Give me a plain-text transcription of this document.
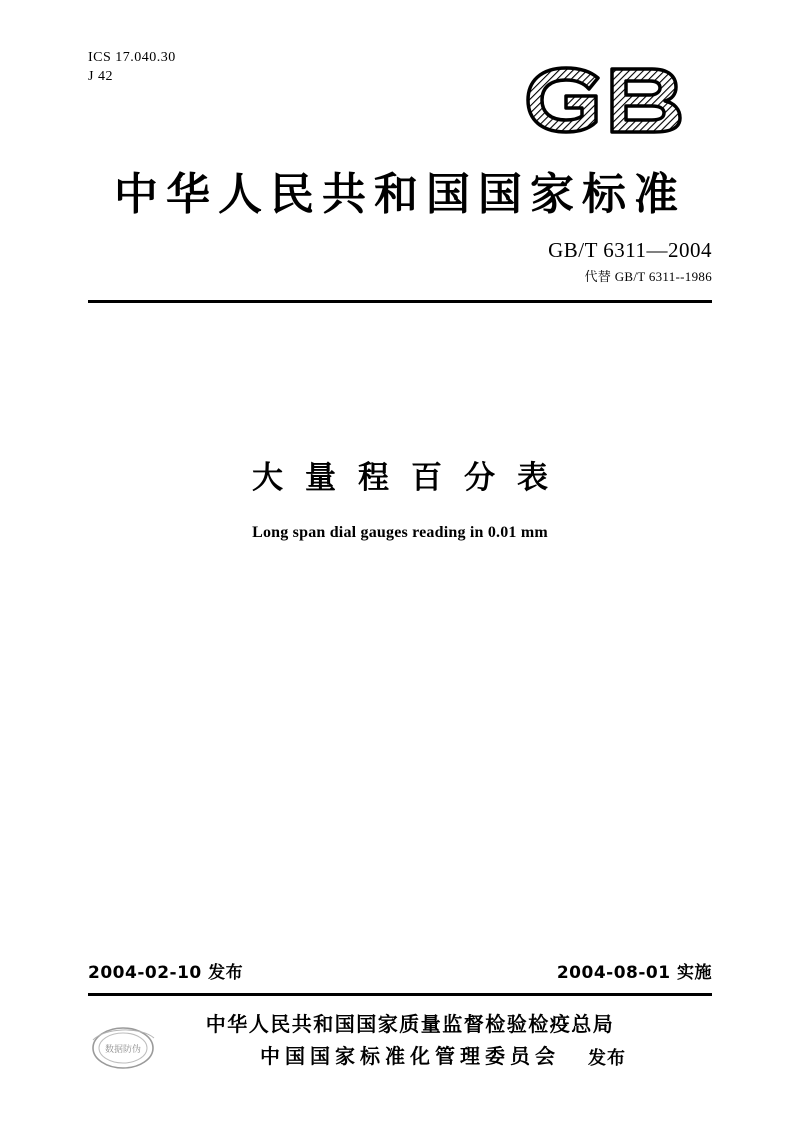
ICS 17.040.30
J 42
中华人民共和国国家标准
GB/T 6311—2004
代替 GB/T 6311--1986
大量程百分表
Long span dial gauges reading in 0.01 mm
2004-02-10 发布	2004-08-01 实施
数据防伪
中华人民共和国国家质量监督检验检疫总局
中国国家标准化管理委员会	发布
